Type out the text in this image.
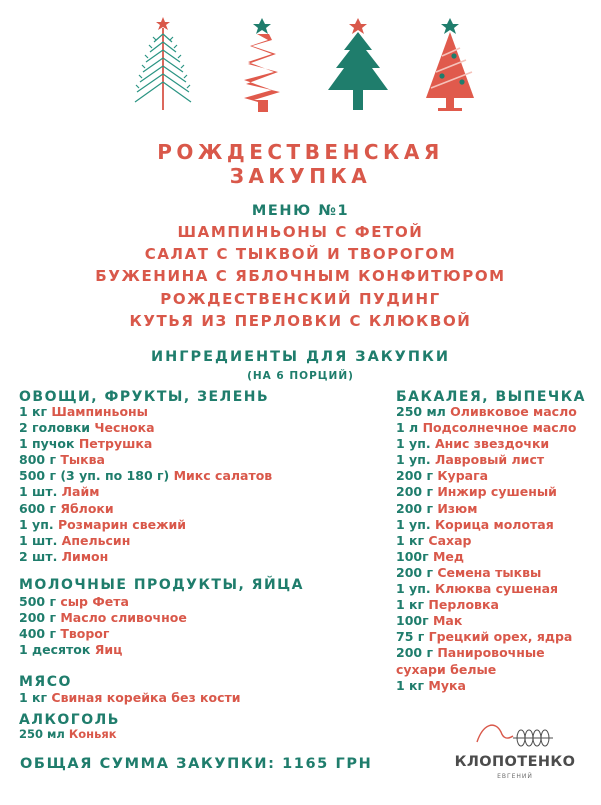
РОЖДЕСТВЕНСКАЯ
ЗАКУПКА
МЕНЮ №1
ШАМПИНЬОНЫ С ФЕТОЙ
САЛАТ С ТЫКВОЙ И ТВОРОГОМ
БУЖЕНИНА С ЯБЛОЧНЫМ КОНФИТЮРОМ
РОЖДЕСТВЕНСКИЙ ПУДИНГ
КУТЬЯ ИЗ ПЕРЛОВКИ С КЛЮКВОЙ
ИНГРЕДИЕНТЫ ДЛЯ ЗАКУПКИ
(НА 6 ПОРЦИЙ)
ОВОЩИ, ФРУКТЫ, ЗЕЛЕНЬ
1 кг Шампиньоны
2 головки Чеснока
1 пучок Петрушка
800 г Тыква
500 г (3 уп. по 180 г) Микс салатов
1 шт. Лайм
600 г Яблоки
1 уп. Розмарин свежий
1 шт. Апельсин
2 шт. Лимон
МОЛОЧНЫЕ ПРОДУКТЫ, ЯЙЦА
500 г сыр Фета
200 г Масло сливочное
400 г Творог
1 десяток Яиц
МЯСО
1 кг Свиная корейка без кости
АЛКОГОЛЬ
250 мл Коньяк
БАКАЛЕЯ, ВЫПЕЧКА
250 мл Оливковое масло
1 л Подсолнечное масло
1 уп. Анис звездочки
1 уп. Лавровый лист
200 г Курага
200 г Инжир сушеный
200 г Изюм
1 уп. Корица молотая
1 кг Сахар
100г Мед
200 г Семена тыквы
1 уп. Клюква сушеная
1 кг Перловка
100г Мак
75 г Грецкий орех, ядра
200 г Панировочные
сухари белые
1 кг Мука
ОБЩАЯ СУММА ЗАКУПКИ: 1165 ГРН	КЛОПОТЕНКО
ЕВГЕНИЙ
